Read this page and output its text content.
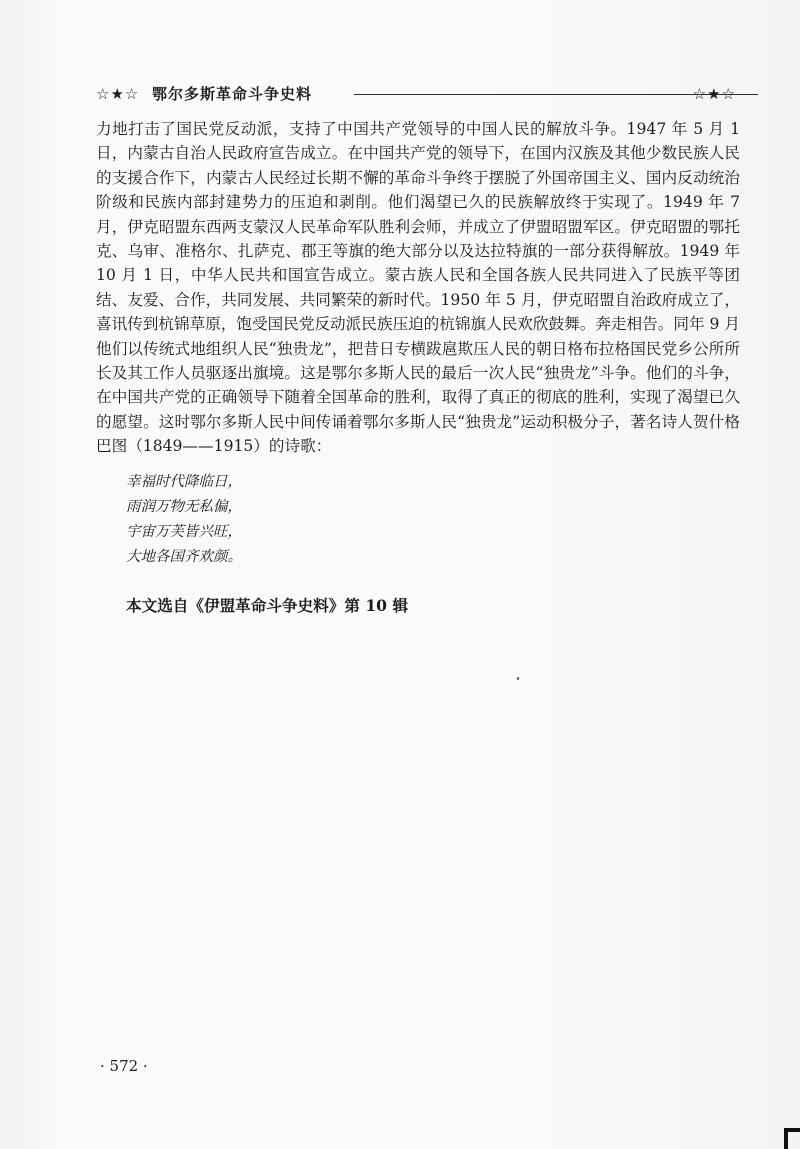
☆★☆ 鄂尔多斯革命斗争史料	☆★☆

力地打击了国民党反动派，支持了中国共产党领导的中国人民的解放斗争。1947 年 5 月 1 日，内蒙古自治人民政府宣告成立。在中国共产党的领导下，在国内汉族及其他少数民族人民的支援合作下，内蒙古人民经过长期不懈的革命斗争终于摆脱了外国帝国主义、国内反动统治阶级和民族内部封建势力的压迫和剥削。他们渴望已久的民族解放终于实现了。1949 年 7 月，伊克昭盟东西两支蒙汉人民革命军队胜利会师，并成立了伊盟昭盟军区。伊克昭盟的鄂托克、乌审、准格尔、扎萨克、郡王等旗的绝大部分以及达拉特旗的一部分获得解放。1949 年 10 月 1 日，中华人民共和国宣告成立。蒙古族人民和全国各族人民共同进入了民族平等团结、友爱、合作，共同发展、共同繁荣的新时代。1950 年 5 月，伊克昭盟自治政府成立了，喜讯传到杭锦草原，饱受国民党反动派民族压迫的杭锦旗人民欢欣鼓舞。奔走相告。同年 9 月他们以传统式地组织人民“独贵龙”，把昔日专横跋扈欺压人民的朝日格布拉格国民党乡公所所长及其工作人员驱逐出旗境。这是鄂尔多斯人民的最后一次人民“独贵龙”斗争。他们的斗争，在中国共产党的正确领导下随着全国革命的胜利，取得了真正的彻底的胜利，实现了渴望已久的愿望。这时鄂尔多斯人民中间传诵着鄂尔多斯人民“独贵龙”运动积极分子，著名诗人贺什格巴图（1849——1915）的诗歌：

幸福时代降临日，
雨润万物无私偏，
宇宙万芙皆兴旺，
大地各国齐欢颜。
本文选自《伊盟革命斗争史料》第 10 辑
· 572 ·
